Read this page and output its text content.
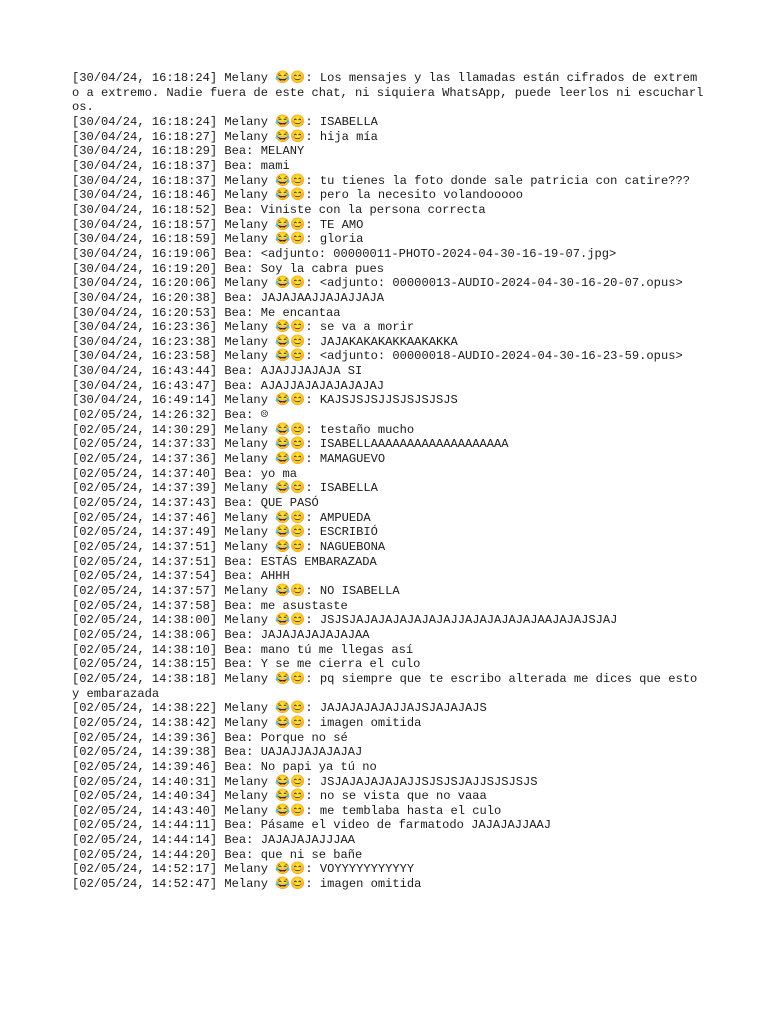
[30/04/24, 16:18:24] Melany 😂😊: Los mensajes y las llamadas están cifrados de extremo a extremo. Nadie fuera de este chat, ni siquiera WhatsApp, puede leerlos ni escucharlos.
[30/04/24, 16:18:24] Melany 😂😊: ISABELLA
[30/04/24, 16:18:27] Melany 😂😊: hija mía
[30/04/24, 16:18:29] Bea: MELANY
[30/04/24, 16:18:37] Bea: mami
[30/04/24, 16:18:37] Melany 😂😊: tu tienes la foto donde sale patricia con catire???
[30/04/24, 16:18:46] Melany 😂😊: pero la necesito volandooooo
[30/04/24, 16:18:52] Bea: Viniste con la persona correcta
[30/04/24, 16:18:57] Melany 😂😊: TE AMO
[30/04/24, 16:18:59] Melany 😂😊: gloria
[30/04/24, 16:19:06] Bea: <adjunto: 00000011-PHOTO-2024-04-30-16-19-07.jpg>
[30/04/24, 16:19:20] Bea: Soy la cabra pues
[30/04/24, 16:20:06] Melany 😂😊: <adjunto: 00000013-AUDIO-2024-04-30-16-20-07.opus>
[30/04/24, 16:20:38] Bea: JAJAJAAJJAJAJJAJA
[30/04/24, 16:20:53] Bea: Me encantaa
[30/04/24, 16:23:36] Melany 😂😊: se va a morir
[30/04/24, 16:23:38] Melany 😂😊: JAJAKAKAKAKKAAKAKKA
[30/04/24, 16:23:58] Melany 😂😊: <adjunto: 00000018-AUDIO-2024-04-30-16-23-59.opus>
[30/04/24, 16:43:44] Bea: AJAJJJAJAJA SI
[30/04/24, 16:43:47] Bea: AJAJJAJAJAJAJAJAJ
[30/04/24, 16:49:14] Melany 😂😊: KAJSJSJSJJSJSJSJSJS
[02/05/24, 14:26:32] Bea: ☹
[02/05/24, 14:30:29] Melany 😂😊: testaño mucho
[02/05/24, 14:37:33] Melany 😂😊: ISABELLAAAAAAAAAAAAAAAAAAA
[02/05/24, 14:37:36] Melany 😂😊: MAMAGUEVO
[02/05/24, 14:37:40] Bea: yo ma
[02/05/24, 14:37:39] Melany 😂😊: ISABELLA
[02/05/24, 14:37:43] Bea: QUE PASÓ
[02/05/24, 14:37:46] Melany 😂😊: AMPUEDA
[02/05/24, 14:37:49] Melany 😂😊: ESCRIBIÓ
[02/05/24, 14:37:51] Melany 😂😊: NAGUEBONA
[02/05/24, 14:37:51] Bea: ESTÁS EMBARAZADA
[02/05/24, 14:37:54] Bea: AHHH
[02/05/24, 14:37:57] Melany 😂😊: NO ISABELLA
[02/05/24, 14:37:58] Bea: me asustaste
[02/05/24, 14:38:00] Melany 😂😊: JSJSJAJAJAJAJAJAJAJJAJAJAJAJAJAAJAJAJSJAJ
[02/05/24, 14:38:06] Bea: JAJAJAJAJAJAJAA
[02/05/24, 14:38:10] Bea: mano tú me llegas así
[02/05/24, 14:38:15] Bea: Y se me cierra el culo
[02/05/24, 14:38:18] Melany 😂😊: pq siempre que te escribo alterada me dices que estoy embarazada
[02/05/24, 14:38:22] Melany 😂😊: JAJAJAJAJAJJAJSJAJAJAJS
[02/05/24, 14:38:42] Melany 😂😊: imagen omitida
[02/05/24, 14:39:36] Bea: Porque no sé
[02/05/24, 14:39:38] Bea: UAJAJJAJAJAJAJ
[02/05/24, 14:39:46] Bea: No papi ya tú no
[02/05/24, 14:40:31] Melany 😂😊: JSJAJAJAJAJAJJSJSJSJAJJSJSJSJS
[02/05/24, 14:40:34] Melany 😂😊: no se vista que no vaaa
[02/05/24, 14:43:40] Melany 😂😊: me temblaba hasta el culo
[02/05/24, 14:44:11] Bea: Pásame el video de farmatodo JAJAJAJJAAJ
[02/05/24, 14:44:14] Bea: JAJAJAJAJJJAA
[02/05/24, 14:44:20] Bea: que ni se bañe
[02/05/24, 14:52:17] Melany 😂😊: VOYYYYYYYYYYY
[02/05/24, 14:52:47] Melany 😂😊: imagen omitida
